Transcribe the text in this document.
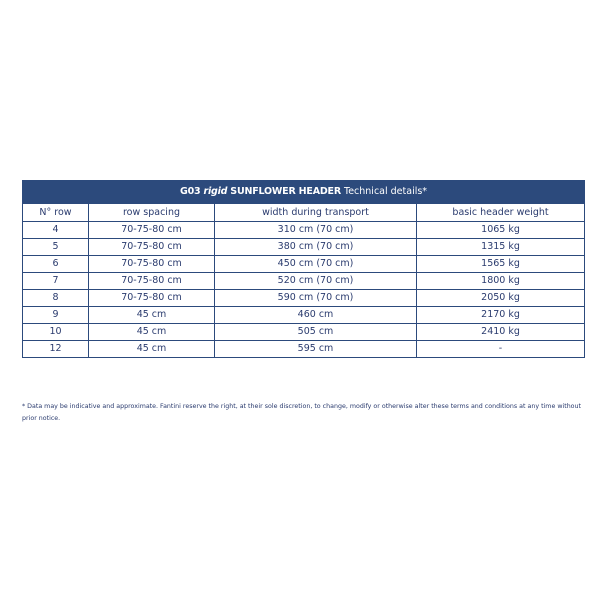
G03 rigid SUNFLOWER HEADER Technical details*			
N° row	row spacing	width during transport	basic header weight
4	70-75-80 cm	310 cm (70 cm)	1065 kg
5	70-75-80 cm	380 cm (70 cm)	1315 kg
6	70-75-80 cm	450 cm (70 cm)	1565 kg
7	70-75-80 cm	520 cm (70 cm)	1800 kg
8	70-75-80 cm	590 cm (70 cm)	2050 kg
9	45 cm	460 cm	2170 kg
10	45 cm	505 cm	2410 kg
12	45 cm	595 cm	-
* Data may be indicative and approximate. Fantini reserve the right, at their sole discretion, to change, modify or otherwise alter these terms and conditions at any time without prior notice.
